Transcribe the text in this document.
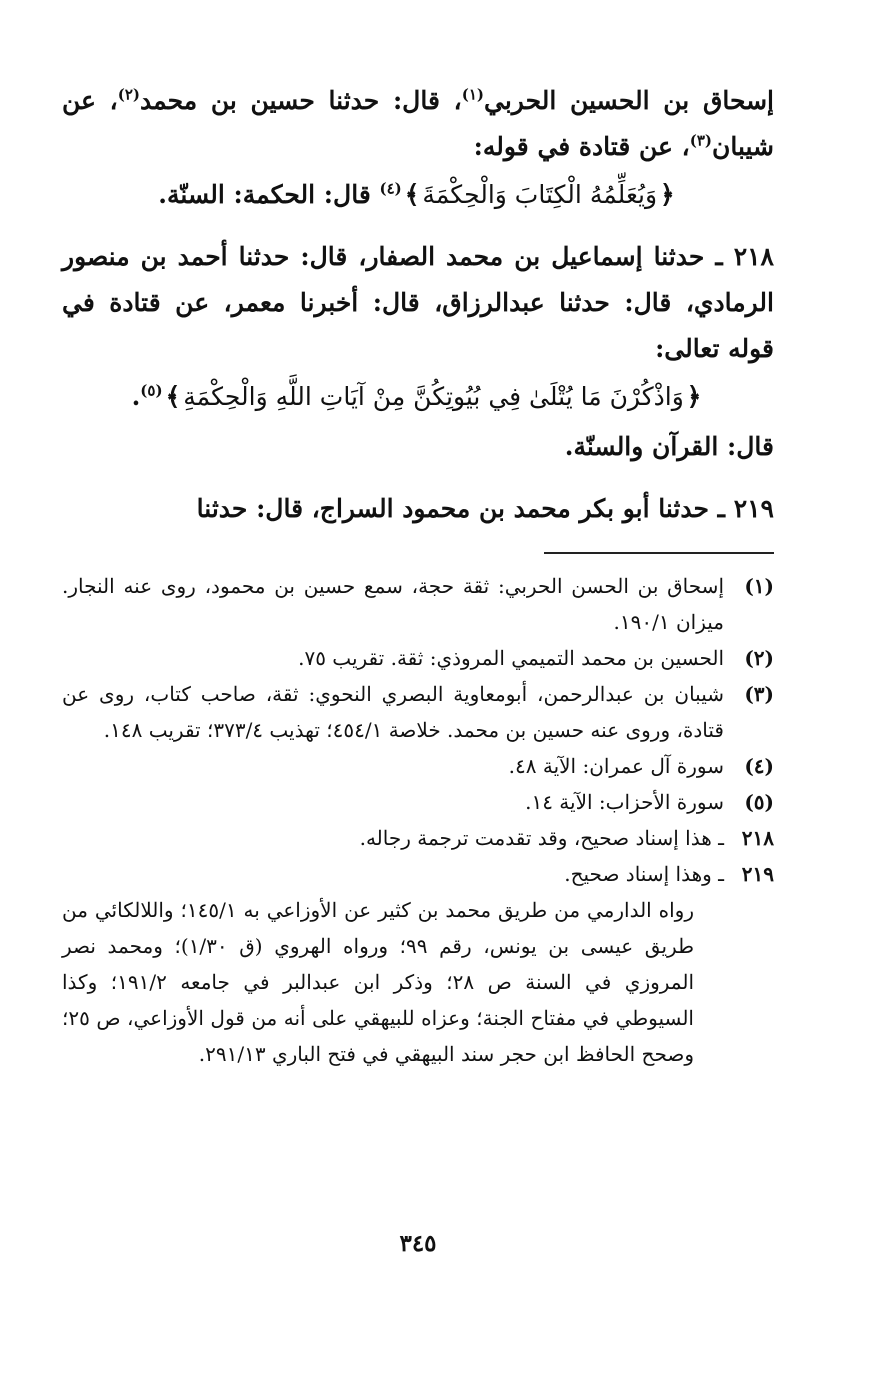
إسحاق بن الحسين الحربي$^{(١)}$، قال: حدثنا حسين بن محمد$^{(٢)}$، عن شيبان$^{(٣)}$، عن قتادة في قوله:

﴿وَيُعَلِّمُهُ الْكِتَابَ وَالْحِكْمَةَ﴾$^{(٤)}$ قال: الحكمة: السنّة.

٢١٨ ـ حدثنا إسماعيل بن محمد الصفار، قال: حدثنا أحمد بن منصور الرمادي، قال: حدثنا عبدالرزاق، قال: أخبرنا معمر، عن قتادة في قوله تعالى:

﴿وَاذْكُرْنَ مَا يُتْلَىٰ فِي بُيُوتِكُنَّ مِنْ آيَاتِ اللَّهِ وَالْحِكْمَةِ﴾$^{(٥)}$.

قال: القرآن والسنّة.

٢١٩ ـ حدثنا أبو بكر محمد بن محمود السراج، قال: حدثنا

(١)
إسحاق بن الحسن الحربي: ثقة حجة، سمع حسين بن محمود، روى عنه النجار. ميزان ١٩٠/١.
(٢)
الحسين بن محمد التميمي المروذي: ثقة. تقريب ٧٥.
(٣)
شيبان بن عبدالرحمن، أبومعاوية البصري النحوي: ثقة، صاحب كتاب، روى عن قتادة، وروى عنه حسين بن محمد. خلاصة ٤٥٤/١؛ تهذيب ٣٧٣/٤؛ تقريب ١٤٨.
(٤)
سورة آل عمران: الآية ٤٨.
(٥)
سورة الأحزاب: الآية ١٤.
٢١٨
ـ هذا إسناد صحيح، وقد تقدمت ترجمة رجاله.
٢١٩
ـ وهذا إسناد صحيح.
رواه الدارمي من طريق محمد بن كثير عن الأوزاعي به ١٤٥/١؛ واللالكائي من طريق عيسى بن يونس، رقم ٩٩؛ ورواه الهروي (ق ١/٣٠)؛ ومحمد نصر المروزي في السنة ص ٢٨؛ وذكر ابن عبدالبر في جامعه ١٩١/٢؛ وكذا السيوطي في مفتاح الجنة؛ وعزاه للبيهقي على أنه من قول الأوزاعي، ص ٢٥؛ وصحح الحافظ ابن حجر سند البيهقي في فتح الباري ٢٩١/١٣.
٣٤٥
